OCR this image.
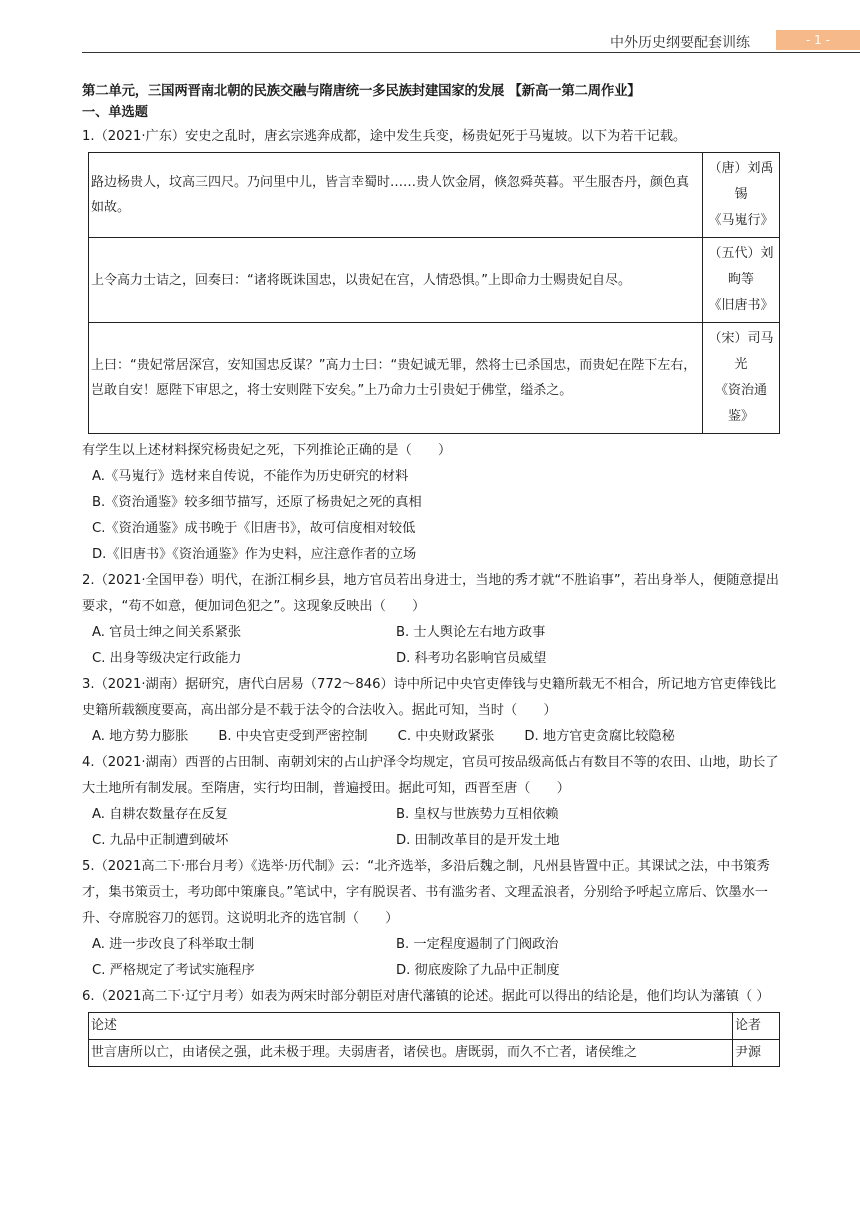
中外历史纲要配套训练	- 1 -
第二单元，三国两晋南北朝的民族交融与隋唐统一多民族封建国家的发展 【新高一第二周作业】
一、单选题
1.（2021·广东）安史之乱时，唐玄宗逃奔成都，途中发生兵变，杨贵妃死于马嵬坡。以下为若干记载。
路边杨贵人，坟高三四尺。乃问里中儿，皆言幸蜀时……贵人饮金屑，倏忽舜英暮。平生服杏丹，颜色真如故。	（唐）刘禹
锡
《马嵬行》

上令高力士诘之，回奏曰：“诸将既诛国忠，以贵妃在宫，人情恐惧。”上即命力士赐贵妃自尽。	（五代）刘
昫等
《旧唐书》

上曰：“贵妃常居深宫，安知国忠反谋？”高力士曰：“贵妃诚无罪，然将士已杀国忠，而贵妃在陛下左右，岂敢自安！愿陛下审思之，将士安则陛下安矣。”上乃命力士引贵妃于佛堂，缢杀之。	（宋）司马
光
《资治通
鉴》
有学生以上述材料探究杨贵妃之死，下列推论正确的是（　　）
A.《马嵬行》选材来自传说，不能作为历史研究的材料
B.《资治通鉴》较多细节描写，还原了杨贵妃之死的真相
C.《资治通鉴》成书晚于《旧唐书》，故可信度相对较低
D.《旧唐书》《资治通鉴》作为史料，应注意作者的立场
2.（2021·全国甲卷）明代，在浙江桐乡县，地方官员若出身进士，当地的秀才就“不胜谄事”，若出身举人，便随意提出要求，“苟不如意，便加词色犯之”。这现象反映出（　　）
A. 官员士绅之间关系紧张	B. 士人舆论左右地方政事
C. 出身等级决定行政能力	D. 科考功名影响官员威望
3.（2021·湖南）据研究，唐代白居易（772～846）诗中所记中央官吏俸钱与史籍所载无不相合，所记地方官吏俸钱比史籍所载额度要高，高出部分是不载于法令的合法收入。据此可知，当时（　　）
A. 地方势力膨胀 B. 中央官吏受到严密控制 C. 中央财政紧张 D. 地方官吏贪腐比较隐秘
4.（2021·湖南）西晋的占田制、南朝刘宋的占山护泽令均规定，官员可按品级高低占有数目不等的农田、山地，助长了大土地所有制发展。至隋唐，实行均田制，普遍授田。据此可知，西晋至唐（　　）
A. 自耕农数量存在反复	B. 皇权与世族势力互相依赖
C. 九品中正制遭到破坏	D. 田制改革目的是开发土地
5.（2021高二下·邢台月考）《选举·历代制》云：“北齐选举，多沿后魏之制，凡州县皆置中正。其课试之法，中书策秀才，集书策贡士，考功郎中策廉良。”笔试中，字有脱误者、书有滥劣者、文理孟浪者，分别给予呼起立席后、饮墨水一升、夺席脱容刀的惩罚。这说明北齐的选官制（　　）
A. 进一步改良了科举取士制	B. 一定程度遏制了门阀政治
C. 严格规定了考试实施程序	D. 彻底废除了九品中正制度
6.（2021高二下·辽宁月考）如表为两宋时部分朝臣对唐代藩镇的论述。据此可以得出的结论是，他们均认为藩镇（ ）
论述	论者
世言唐所以亡，由诸侯之强，此未极于理。夫弱唐者，诸侯也。唐既弱，而久不亡者，诸侯维之	尹源
